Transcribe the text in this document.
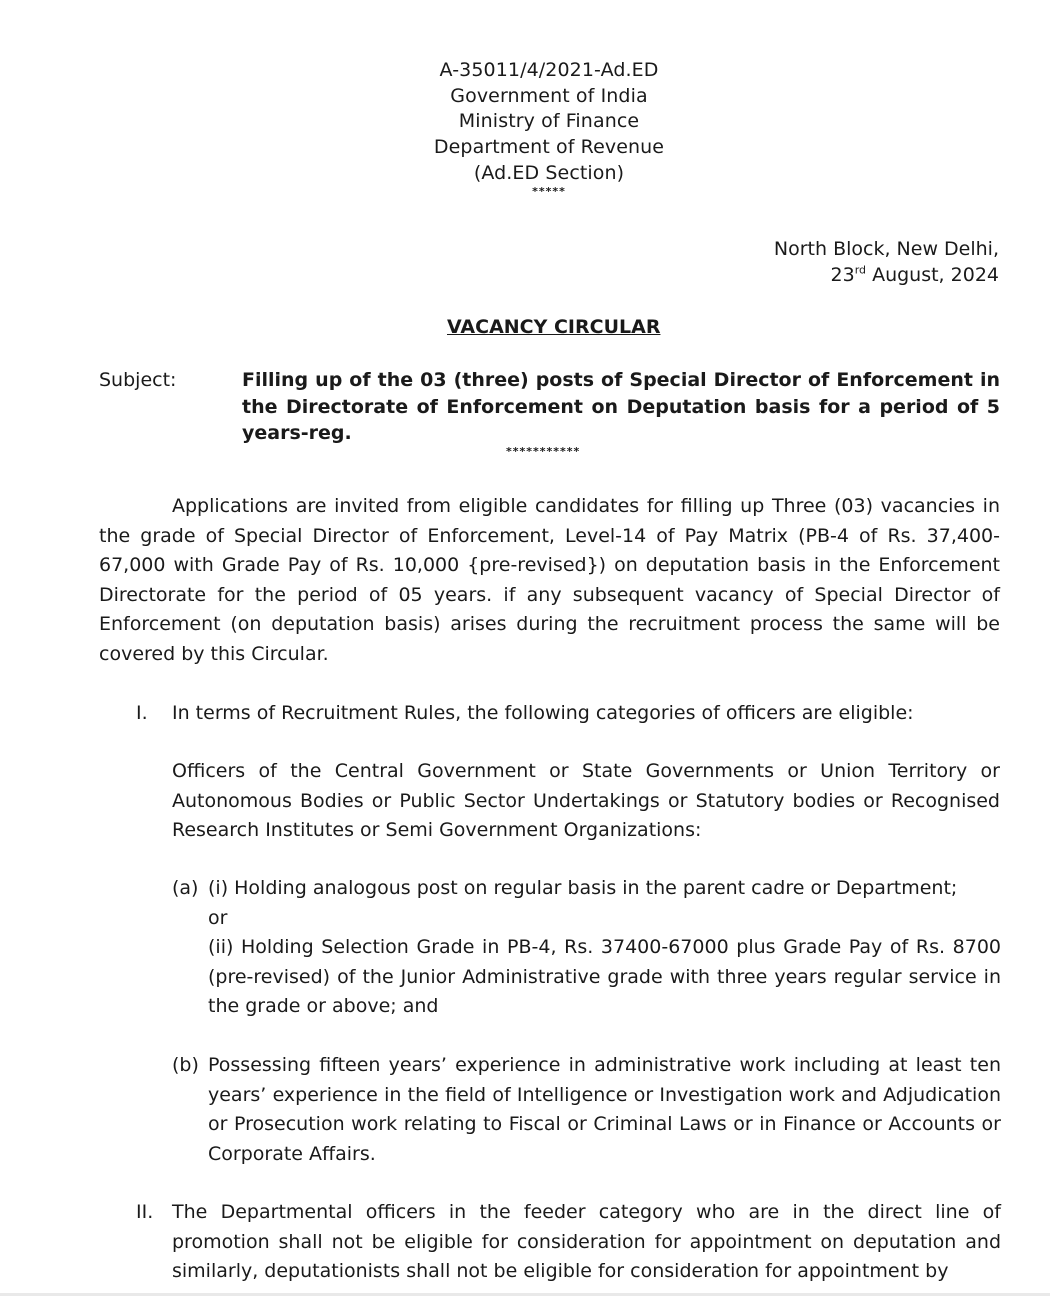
A-35011/4/2021-Ad.ED
Government of India
Ministry of Finance
Department of Revenue
(Ad.ED Section)
*****
North Block, New Delhi,
23rd August, 2024
VACANCY CIRCULAR
Subject:	Filling up of the 03 (three) posts of Special Director of Enforcement in the Directorate of Enforcement on Deputation basis for a period of 5 years-reg.
***********
Applications are invited from eligible candidates for filling up Three (03) vacancies in the grade of Special Director of Enforcement, Level-14 of Pay Matrix (PB-4 of Rs. 37,400-67,000 with Grade Pay of Rs. 10,000 {pre-revised}) on deputation basis in the Enforcement Directorate for the period of 05 years. if any subsequent vacancy of Special Director of Enforcement (on deputation basis) arises during the recruitment process the same will be covered by this Circular.
I. In terms of Recruitment Rules, the following categories of officers are eligible:
Officers of the Central Government or State Governments or Union Territory or Autonomous Bodies or Public Sector Undertakings or Statutory bodies or Recognised Research Institutes or Semi Government Organizations:
(a) (i) Holding analogous post on regular basis in the parent cadre or Department;
or
(ii) Holding Selection Grade in PB-4, Rs. 37400-67000 plus Grade Pay of Rs. 8700 (pre-revised) of the Junior Administrative grade with three years regular service in the grade or above; and
(b) Possessing fifteen years’ experience in administrative work including at least ten years’ experience in the field of Intelligence or Investigation work and Adjudication or Prosecution work relating to Fiscal or Criminal Laws or in Finance or Accounts or Corporate Affairs.
II. The Departmental officers in the feeder category who are in the direct line of promotion shall not be eligible for consideration for appointment on deputation and similarly, deputationists shall not be eligible for consideration for appointment by
